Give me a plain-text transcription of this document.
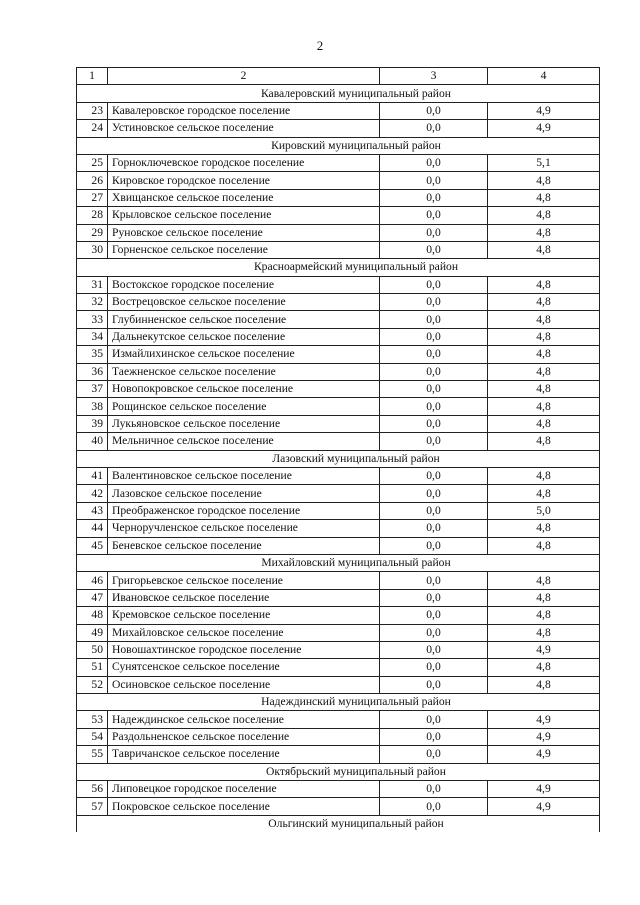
2
1	2	3	4
Кавалеровский муниципальный район			
23	Кавалеровское городское поселение	0,0	4,9
24	Устиновское сельское поселение	0,0	4,9
Кировский муниципальный район			
25	Горноключевское городское поселение	0,0	5,1
26	Кировское городское поселение	0,0	4,8
27	Хвищанское сельское поселение	0,0	4,8
28	Крыловское сельское поселение	0,0	4,8
29	Руновское сельское поселение	0,0	4,8
30	Горненское сельское поселение	0,0	4,8
Красноармейский муниципальный район			
31	Востокское городское поселение	0,0	4,8
32	Вострецовское сельское поселение	0,0	4,8
33	Глубинненское сельское поселение	0,0	4,8
34	Дальнекутское сельское поселение	0,0	4,8
35	Измайлихинское сельское поселение	0,0	4,8
36	Таежненское сельское поселение	0,0	4,8
37	Новопокровское сельское поселение	0,0	4,8
38	Рощинское сельское поселение	0,0	4,8
39	Лукьяновское сельское поселение	0,0	4,8
40	Мельничное сельское поселение	0,0	4,8
Лазовский муниципальный район			
41	Валентиновское сельское поселение	0,0	4,8
42	Лазовское сельское поселение	0,0	4,8
43	Преображенское городское поселение	0,0	5,0
44	Черноручленское сельское поселение	0,0	4,8
45	Беневское сельское поселение	0,0	4,8
Михайловский муниципальный район			
46	Григорьевское сельское поселение	0,0	4,8
47	Ивановское сельское поселение	0,0	4,8
48	Кремовское сельское поселение	0,0	4,8
49	Михайловское сельское поселение	0,0	4,8
50	Новошахтинское городское поселение	0,0	4,9
51	Сунятсенское сельское поселение	0,0	4,8
52	Осиновское сельское поселение	0,0	4,8
Надеждинский муниципальный район			
53	Надеждинское сельское поселение	0,0	4,9
54	Раздольненское сельское поселение	0,0	4,9
55	Тавричанское сельское поселение	0,0	4,9
Октябрьский муниципальный район			
56	Липовецкое городское поселение	0,0	4,9
57	Покровское сельское поселение	0,0	4,9
Ольгинский муниципальный район			
